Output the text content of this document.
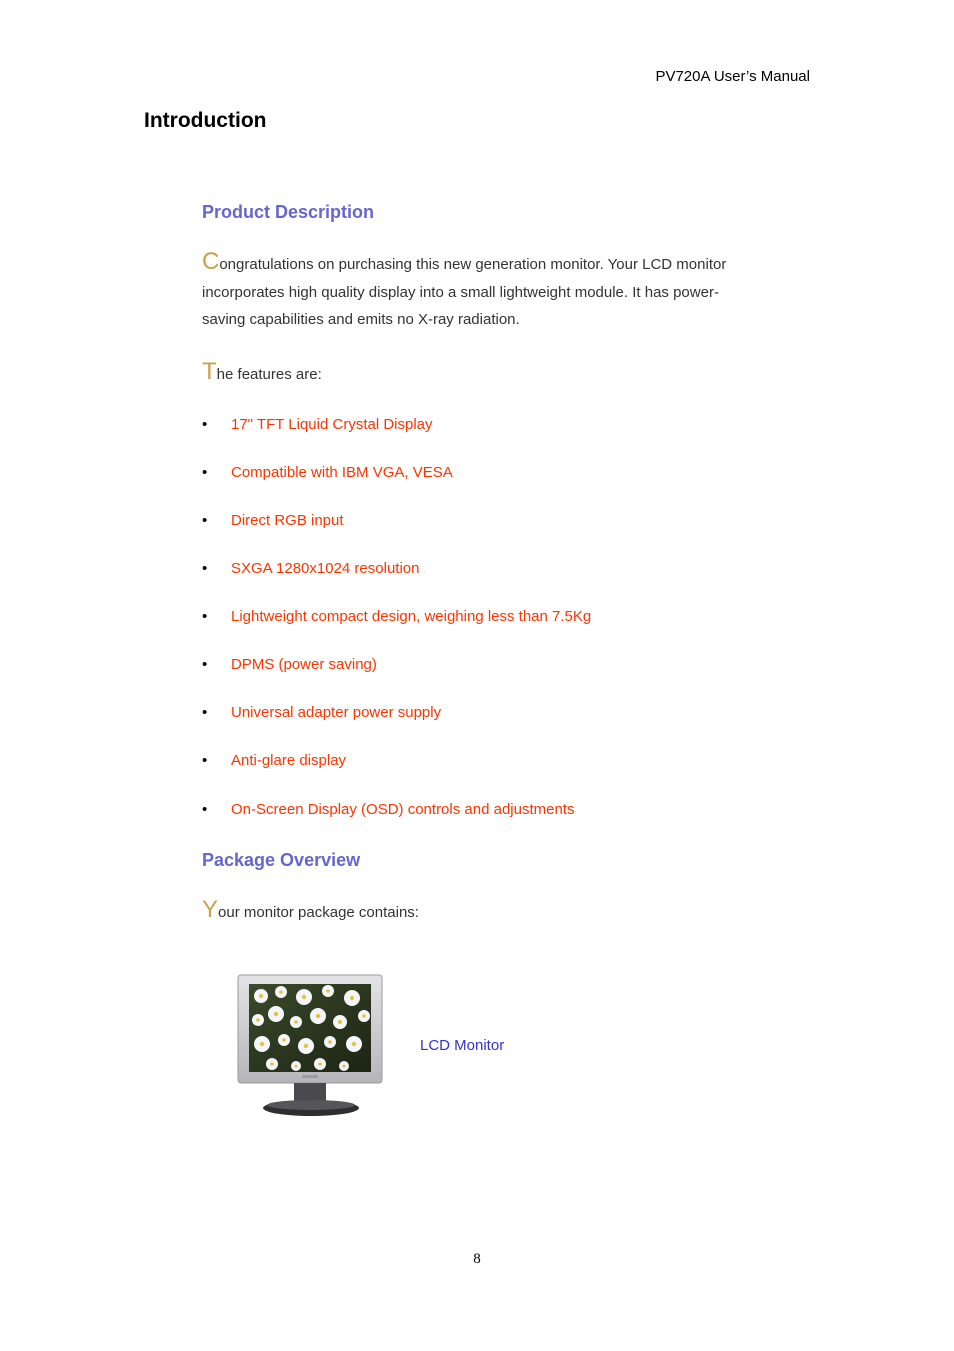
PV720A User’s Manual
Introduction
Product Description
Congratulations on purchasing this new generation monitor. Your LCD monitor incorporates high quality display into a small lightweight module. It has power- saving capabilities and emits no X-ray radiation.
The features are:
• 17" TFT Liquid Crystal Display
• Compatible with IBM VGA, VESA
• Direct RGB input
• SXGA 1280x1024 resolution
• Lightweight compact design, weighing less than 7.5Kg
• DPMS (power saving)
• Universal adapter power supply
• Anti-glare display
• On-Screen Display (OSD) controls and adjustments
Package Overview
Your monitor package contains:
LCD Monitor
8
